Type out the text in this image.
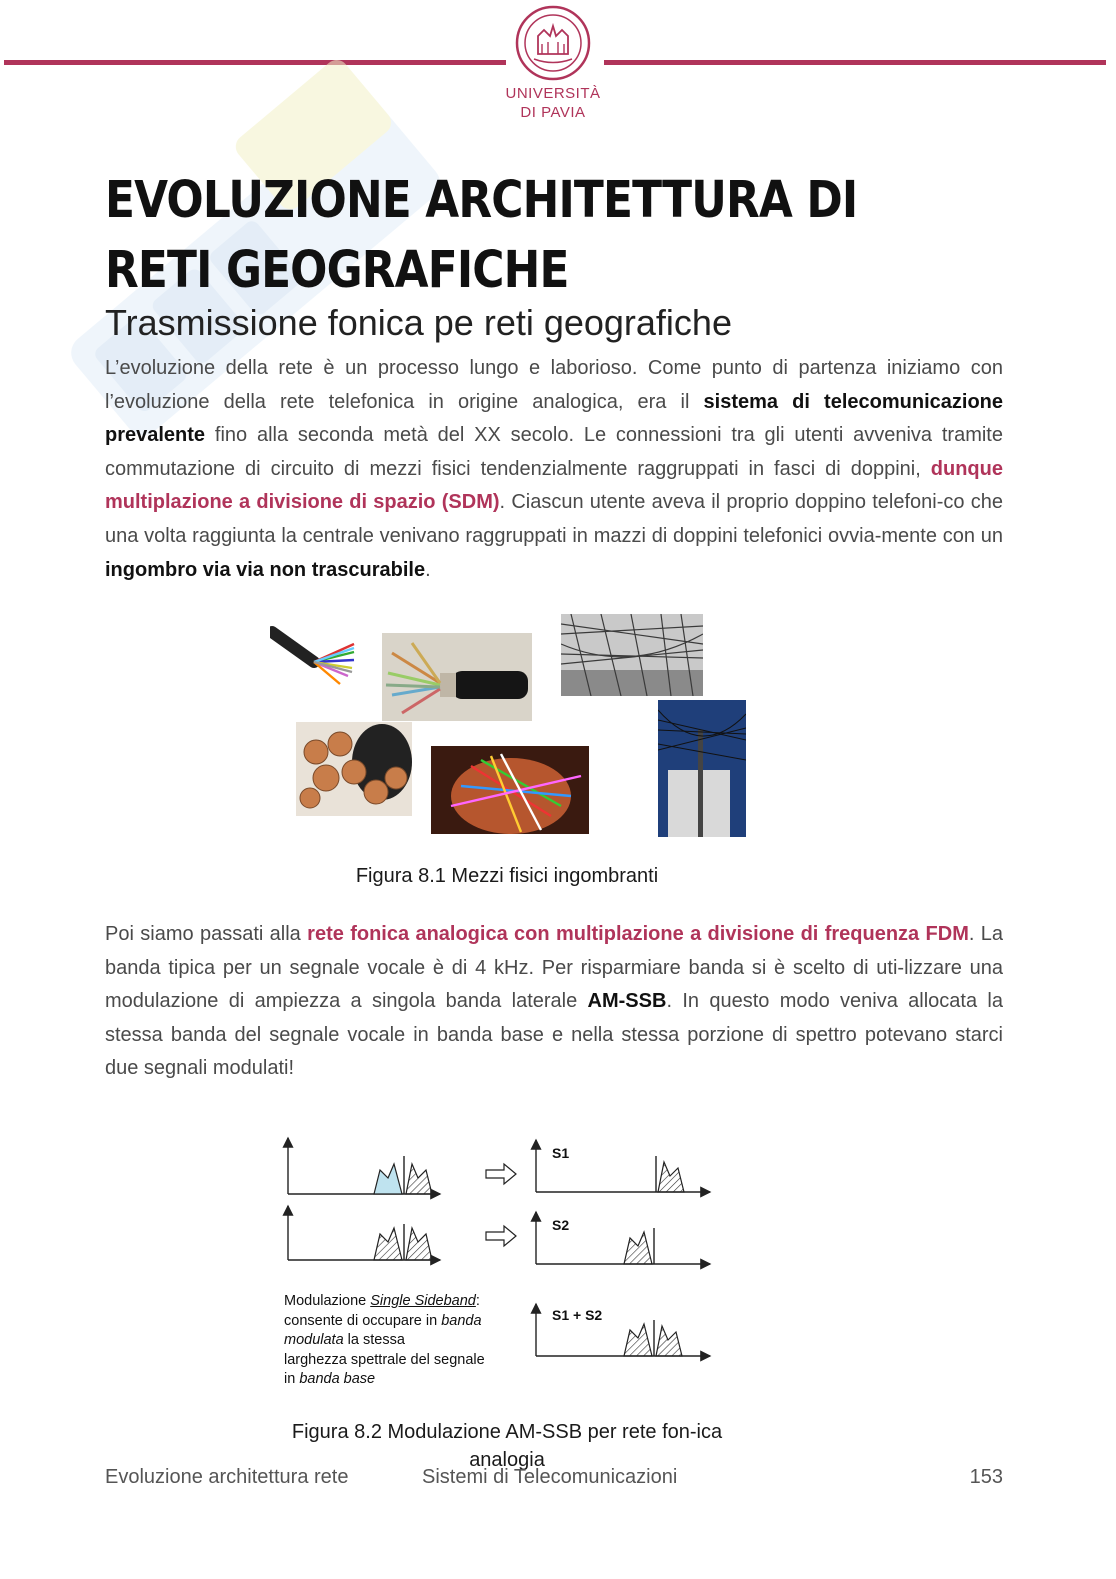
UNIVERSITÀ
DI PAVIA
EVOLUZIONE ARCHITETTURA DI RETI GEOGRAFICHE
Trasmissione fonica pe reti geografiche

L’evoluzione della rete è un processo lungo e laborioso. Come punto di partenza iniziamo con l’evoluzione della rete telefonica in origine analogica, era il sistema di telecomunicazione prevalente fino alla seconda metà del XX secolo. Le connessioni tra gli utenti avveniva tramite commutazione di circuito di mezzi fisici tendenzialmente raggruppati in fasci di doppini, dunque multiplazione a divisione di spazio (SDM). Ciascun utente aveva il proprio doppino telefoni-co che una volta raggiunta la centrale venivano raggruppati in mazzi di doppini telefonici ovvia-mente con un ingombro via via non trascurabile.

Figura 8.1 Mezzi fisici ingombranti

Poi siamo passati alla rete fonica analogica con multiplazione a divisione di frequenza FDM. La banda tipica per un segnale vocale è di 4 kHz. Per risparmiare banda si è scelto di uti-lizzare una modulazione di ampiezza a singola banda laterale AM-SSB. In questo modo veniva allocata la stessa banda del segnale vocale in banda base e nella stessa porzione di spettro potevano starci due segnali modulati!

S1
S2
S1 + S2
Modulazione Single Sideband:
consente di occupare in banda
modulata la stessa
larghezza spettrale del segnale
in banda base
Figura 8.2 Modulazione AM-SSB per rete fon-ica analogia
Evoluzione architettura rete	Sistemi di Telecomunicazioni	153
